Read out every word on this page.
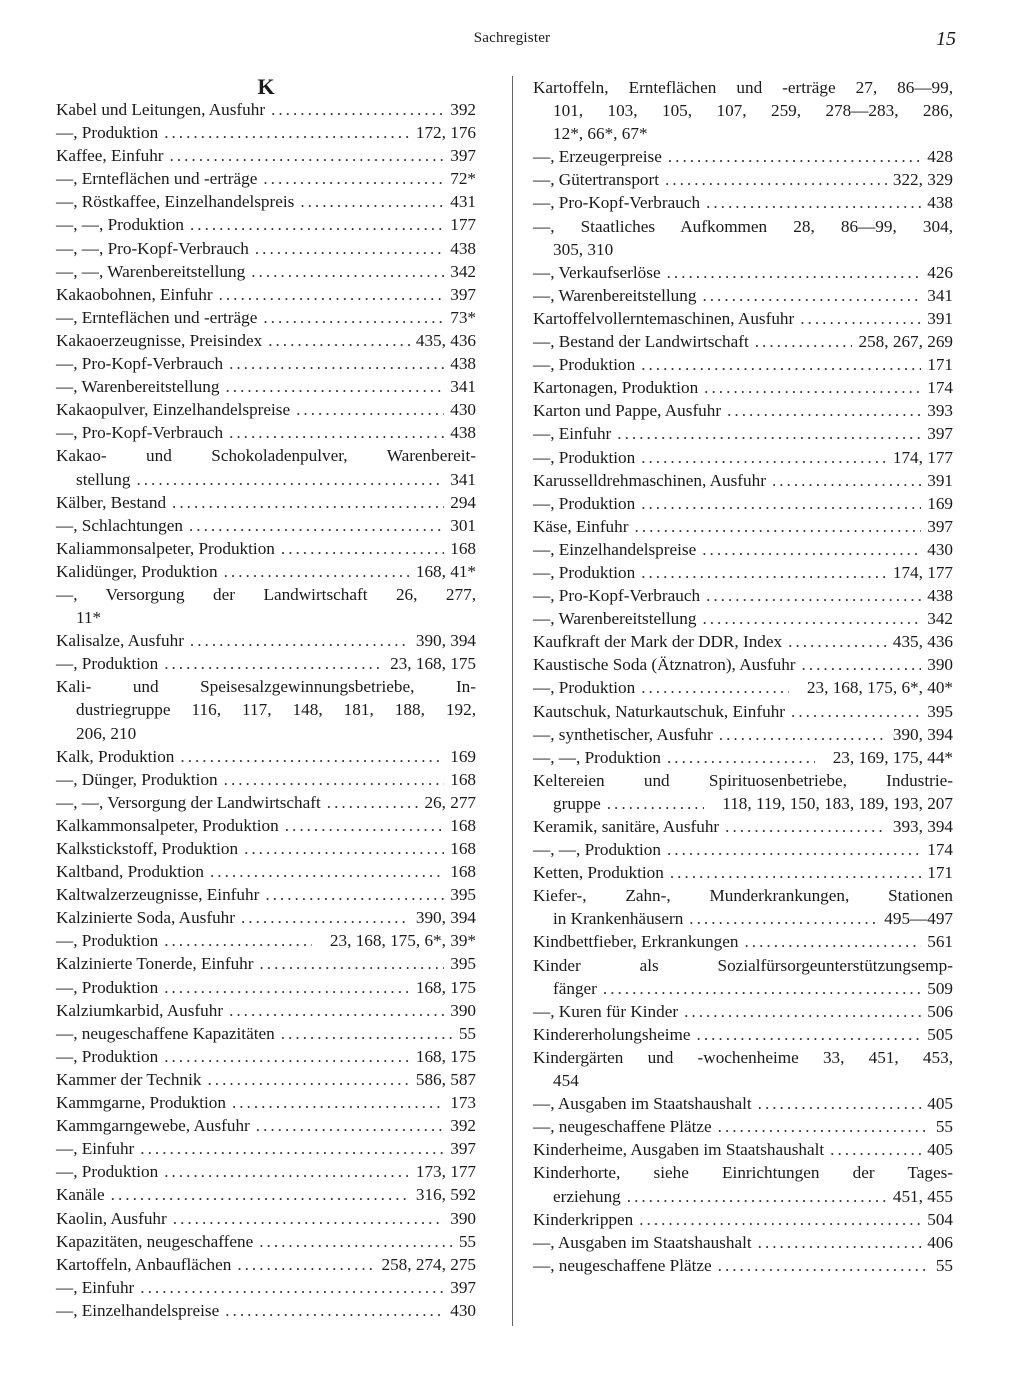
Sachregister	15
K
Kabel und Leitungen, Ausfuhr .....	392
—, Produktion .....	172, 176
Kaffee, Einfuhr .....	397
—, Ernteflächen und -erträge .....	72*
—, Röstkaffee, Einzelhandelspreis .....	431
—, —, Produktion .....	177
—, —, Pro-Kopf-Verbrauch .....	438
—, —, Warenbereitstellung .....	342
Kakaobohnen, Einfuhr .....	397
—, Ernteflächen und -erträge .....	73*
Kakaoerzeugnisse, Preisindex .....	435, 436
—, Pro-Kopf-Verbrauch .....	438
—, Warenbereitstellung .....	341
Kakaopulver, Einzelhandelspreise .....	430
—, Pro-Kopf-Verbrauch .....	438
Kakao- und Schokoladenpulver, Warenbereit-
stellung .....	341
Kälber, Bestand .....	294
—, Schlachtungen .....	301
Kaliammonsalpeter, Produktion .....	168
Kalidünger, Produktion .....	168, 41*
—, Versorgung der Landwirtschaft 26, 277,
11*
Kalisalze, Ausfuhr .....	390, 394
—, Produktion .....	23, 168, 175
Kali- und Speisesalzgewinnungsbetriebe, In-
dustriegruppe 116, 117, 148, 181, 188, 192,
206, 210
Kalk, Produktion .....	169
—, Dünger, Produktion .....	168
—, —, Versorgung der Landwirtschaft .....	26, 277
Kalkammonsalpeter, Produktion .....	168
Kalkstickstoff, Produktion .....	168
Kaltband, Produktion .....	168
Kaltwalzerzeugnisse, Einfuhr .....	395
Kalzinierte Soda, Ausfuhr .....	390, 394
—, Produktion .....	23, 168, 175, 6*, 39*
Kalzinierte Tonerde, Einfuhr .....	395
—, Produktion .....	168, 175
Kalziumkarbid, Ausfuhr .....	390
—, neugeschaffene Kapazitäten .....	55
—, Produktion .....	168, 175
Kammer der Technik .....	586, 587
Kammgarne, Produktion .....	173
Kammgarngewebe, Ausfuhr .....	392
—, Einfuhr .....	397
—, Produktion .....	173, 177
Kanäle .....	316, 592
Kaolin, Ausfuhr .....	390
Kapazitäten, neugeschaffene .....	55
Kartoffeln, Anbauflächen .....	258, 274, 275
—, Einfuhr .....	397
—, Einzelhandelspreise .....	430
Kartoffeln, Ernteflächen und -erträge 27, 86—99,
101, 103, 105, 107, 259, 278—283, 286,
12*, 66*, 67*
—, Erzeugerpreise .....	428
—, Gütertransport .....	322, 329
—, Pro-Kopf-Verbrauch .....	438
—, Staatliches Aufkommen 28, 86—99, 304,
305, 310
—, Verkaufserlöse .....	426
—, Warenbereitstellung .....	341
Kartoffelvollerntemaschinen, Ausfuhr .....	391
—, Bestand der Landwirtschaft .....	258, 267, 269
—, Produktion .....	171
Kartonagen, Produktion .....	174
Karton und Pappe, Ausfuhr .....	393
—, Einfuhr .....	397
—, Produktion .....	174, 177
Karusselldrehmaschinen, Ausfuhr .....	391
—, Produktion .....	169
Käse, Einfuhr .....	397
—, Einzelhandelspreise .....	430
—, Produktion .....	174, 177
—, Pro-Kopf-Verbrauch .....	438
—, Warenbereitstellung .....	342
Kaufkraft der Mark der DDR, Index .....	435, 436
Kaustische Soda (Ätznatron), Ausfuhr .....	390
—, Produktion .....	23, 168, 175, 6*, 40*
Kautschuk, Naturkautschuk, Einfuhr .....	395
—, synthetischer, Ausfuhr .....	390, 394
—, —, Produktion .....	23, 169, 175, 44*
Keltereien und Spirituosenbetriebe, Industrie-
gruppe .....	118, 119, 150, 183, 189, 193, 207
Keramik, sanitäre, Ausfuhr .....	393, 394
—, —, Produktion .....	174
Ketten, Produktion .....	171
Kiefer-, Zahn-, Munderkrankungen, Stationen
in Krankenhäusern .....	495—497
Kindbettfieber, Erkrankungen .....	561
Kinder als Sozialfürsorgeunterstützungsemp-
fänger .....	509
—, Kuren für Kinder .....	506
Kindererholungsheime .....	505
Kindergärten und -wochenheime 33, 451, 453,
454
—, Ausgaben im Staatshaushalt .....	405
—, neugeschaffene Plätze .....	55
Kinderheime, Ausgaben im Staatshaushalt .....	405
Kinderhorte, siehe Einrichtungen der Tages-
erziehung .....	451, 455
Kinderkrippen .....	504
—, Ausgaben im Staatshaushalt .....	406
—, neugeschaffene Plätze .....	55
